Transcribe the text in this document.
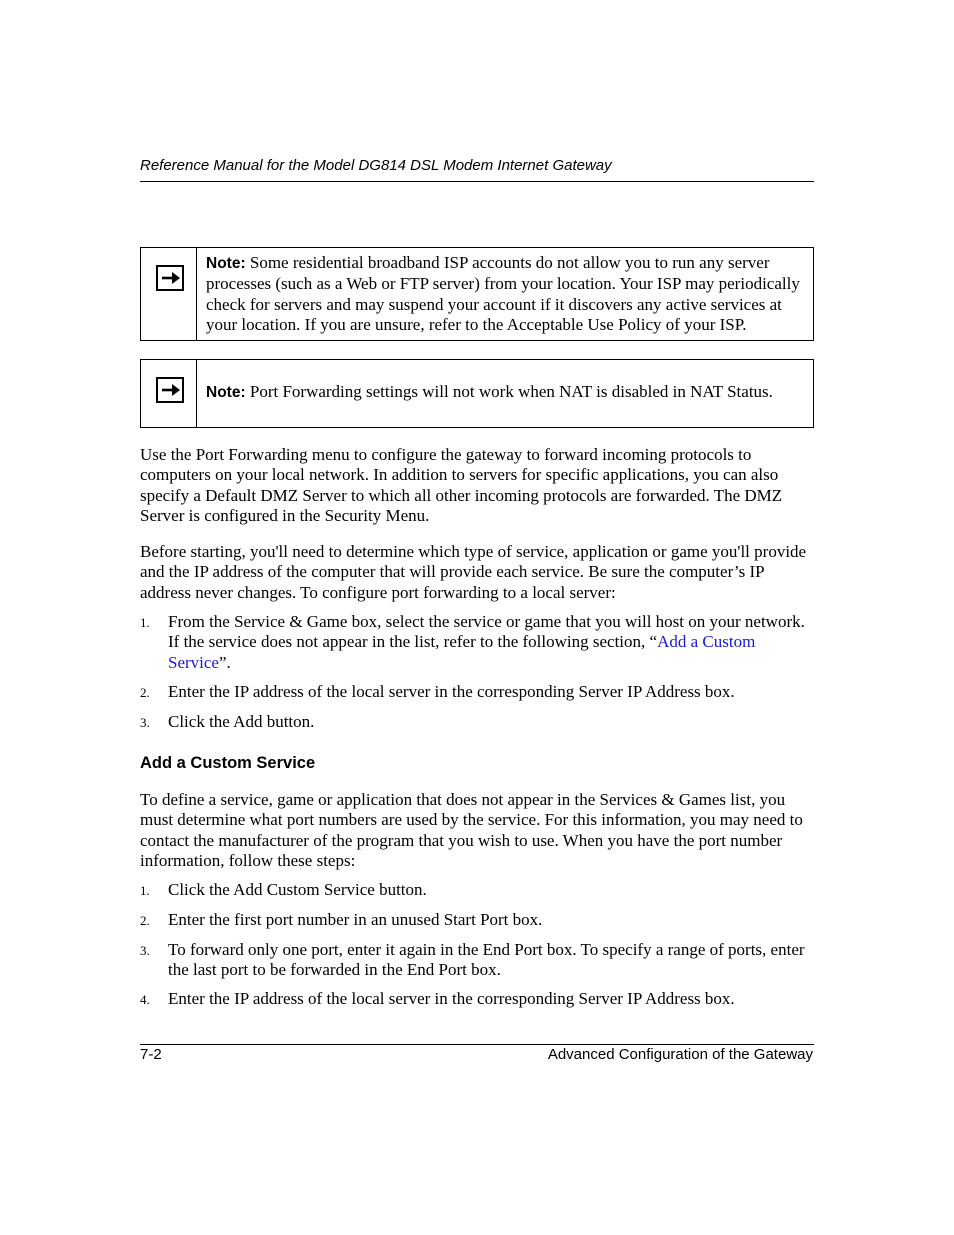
Reference Manual for the Model DG814 DSL Modem Internet Gateway
Note: Some residential broadband ISP accounts do not allow you to run any server processes (such as a Web or FTP server) from your location. Your ISP may periodically check for servers and may suspend your account if it discovers any active services at your location. If you are unsure, refer to the Acceptable Use Policy of your ISP.
Note: Port Forwarding settings will not work when NAT is disabled in NAT Status.
Use the Port Forwarding menu to configure the gateway to forward incoming protocols to computers on your local network. In addition to servers for specific applications, you can also specify a Default DMZ Server to which all other incoming protocols are forwarded. The DMZ Server is configured in the Security Menu.
Before starting, you'll need to determine which type of service, application or game you'll provide and the IP address of the computer that will provide each service. Be sure the computer’s IP address never changes. To configure port forwarding to a local server:
1. From the Service & Game box, select the service or game that you will host on your network. If the service does not appear in the list, refer to the following section, “Add a Custom Service”.
2. Enter the IP address of the local server in the corresponding Server IP Address box.
3. Click the Add button.
Add a Custom Service
To define a service, game or application that does not appear in the Services & Games list, you must determine what port numbers are used by the service. For this information, you may need to contact the manufacturer of the program that you wish to use. When you have the port number information, follow these steps:
1. Click the Add Custom Service button.
2. Enter the first port number in an unused Start Port box.
3. To forward only one port, enter it again in the End Port box. To specify a range of ports, enter the last port to be forwarded in the End Port box.
4. Enter the IP address of the local server in the corresponding Server IP Address box.
7-2	Advanced Configuration of the Gateway
